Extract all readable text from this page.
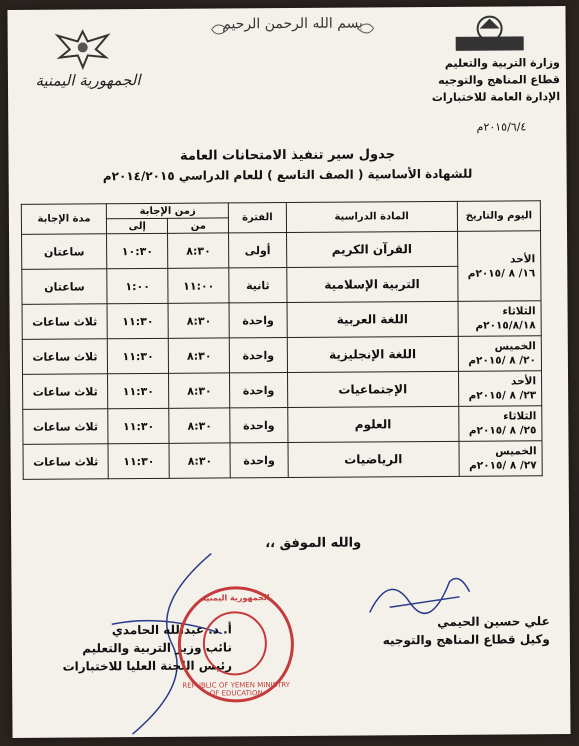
الجمهورية اليمنية
بسم الله الرحمن الرحيم
وزارة التربية والتعليم
قطاع المناهج والتوجيه
الإدارة العامة للاختبارات
٢٠١٥/٦/٤م
جدول سير تنفيذ الامتحانات العامة
للشهادة الأساسية ( الصف التاسع ) للعام الدراسي ٢٠١٤/٢٠١٥م
اليوم والتاريخ	المادة الدراسية	الفترة	زمن الإجابة		مدة الإجابة
			من	إلى	

الأحد
١٦/ ٨ /٢٠١٥م	القرآن الكريم	أولى	٨:٣٠	١٠:٣٠	ساعتان
	التربية الإسلامية	ثانية	١١:٠٠	١:٠٠	ساعتان

الثلاثاء
٢٠١٥/٨/١٨م	اللغة العربية	واحدة	٨:٣٠	١١:٣٠	ثلاث ساعات

الخميس
٢٠/ ٨ /٢٠١٥م	اللغة الإنجليزية	واحدة	٨:٣٠	١١:٣٠	ثلاث ساعات

الأحد
٢٣/ ٨ /٢٠١٥م	الإجتماعيات	واحدة	٨:٣٠	١١:٣٠	ثلاث ساعات

الثلاثاء
٢٥/ ٨ /٢٠١٥م	العلوم	واحدة	٨:٣٠	١١:٣٠	ثلاث ساعات

الخميس
٢٧/ ٨ /٢٠١٥م	الرياضيات	واحدة	٨:٣٠	١١:٣٠	ثلاث ساعات
والله الموفق ،،
علي حسين الحيمي
وكيل قطاع المناهج والتوجيه
أ. د. عبدالله الحامدي
نائب وزير التربية والتعليم
رئيس اللجنة العليا للاختبارات
الجمهورية اليمنية
REPUBLIC OF YEMEN MINISTRY OF EDUCATION
